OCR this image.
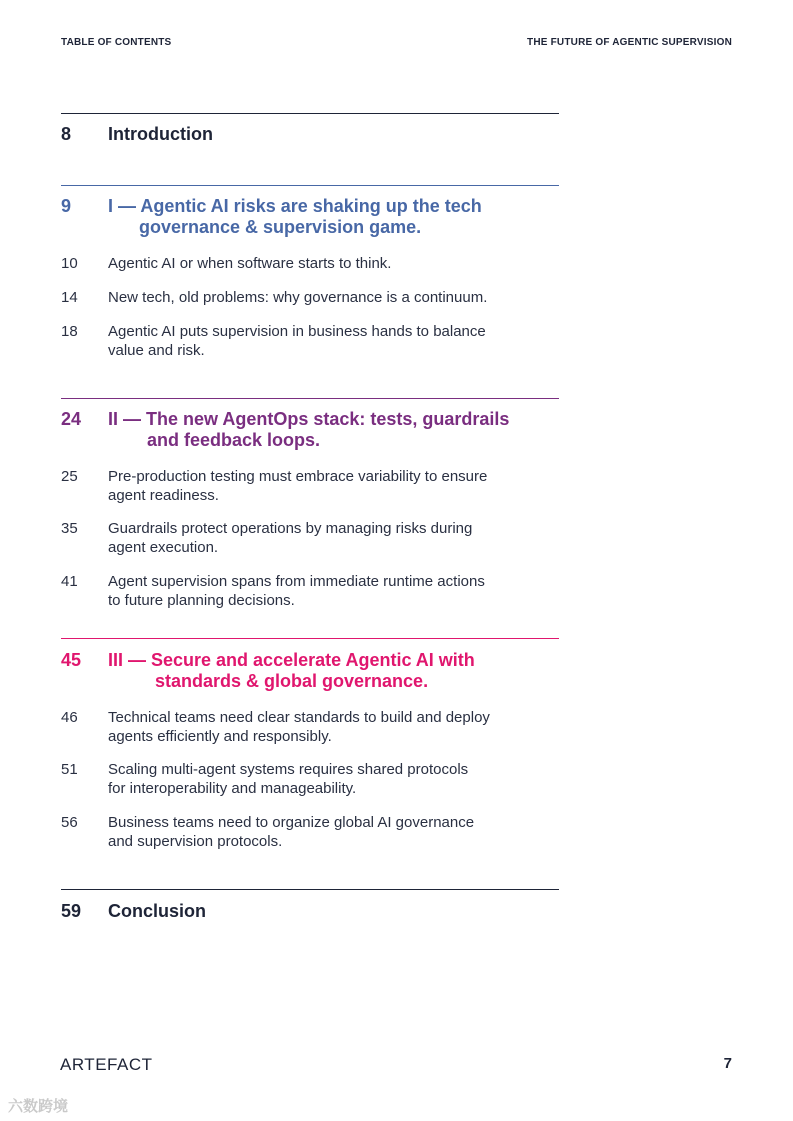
TABLE OF CONTENTS	THE FUTURE OF AGENTIC SUPERVISION
8 Introduction
9 I — Agentic AI risks are shaking up the tech
governance & supervision game.
10 Agentic AI or when software starts to think.
14 New tech, old problems: why governance is a continuum.
18 Agentic AI puts supervision in business hands to balance
value and risk.
24 II — The new AgentOps stack: tests, guardrails
and feedback loops.
25 Pre-production testing must embrace variability to ensure
agent readiness.
35 Guardrails protect operations by managing risks during
agent execution.
41 Agent supervision spans from immediate runtime actions
to future planning decisions.
45 III — Secure and accelerate Agentic AI with
standards & global governance.
46 Technical teams need clear standards to build and deploy
agents efficiently and responsibly.
51 Scaling multi-agent systems requires shared protocols
for interoperability and manageability.
56 Business teams need to organize global AI governance
and supervision protocols.
59 Conclusion
ARTEFACT	7
六数跨境
